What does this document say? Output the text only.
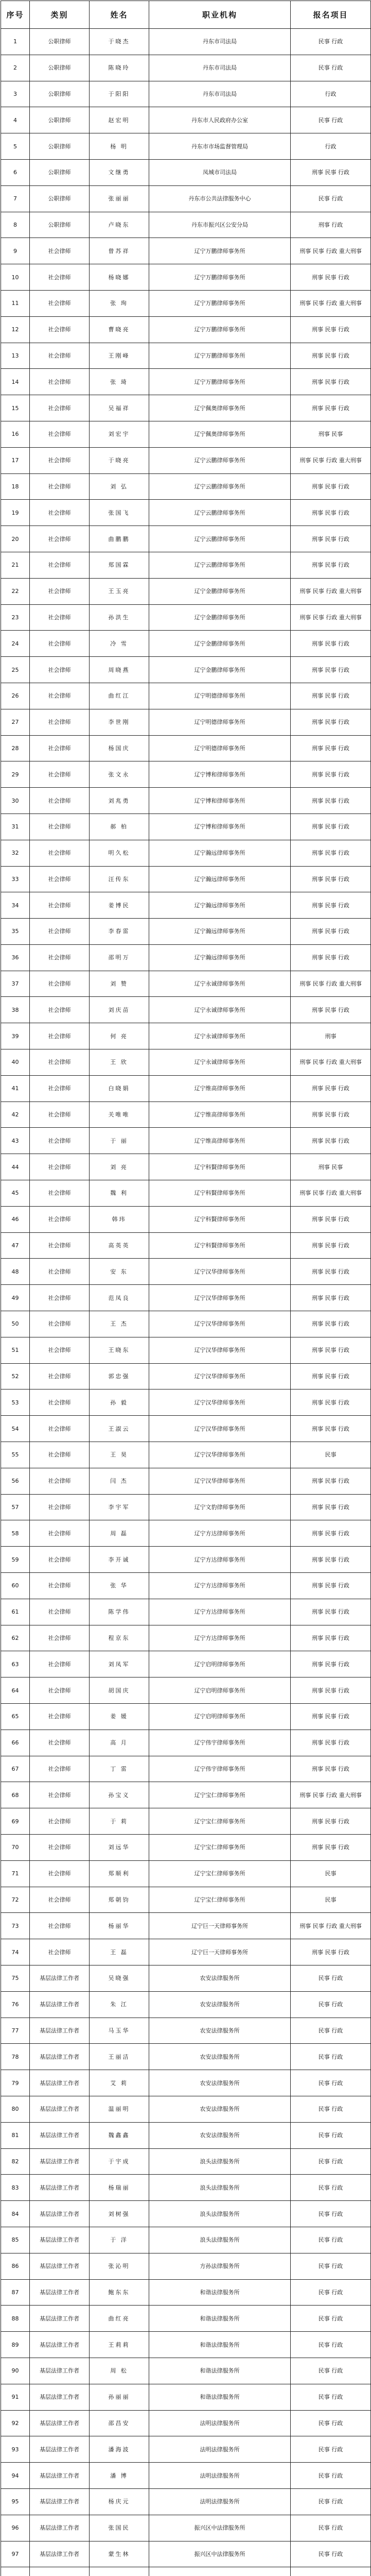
序号	类别	姓名	职业机构	报名项目
1	公职律师	于晓杰	丹东市司法局	民事 行政
2	公职律师	陈晓玲	丹东市司法局	民事 行政
3	公职律师	于阳阳	丹东市司法局	行政
4	公职律师	赵宏明	丹东市人民政府办公室	民事 行政
5	公职律师	杨 明	丹东市市场监督管理局	行政
6	公职律师	文继勇	凤城市司法局	刑事 民事 行政
7	公职律师	张丽丽	丹东市公共法律服务中心	民事 行政
8	公职律师	卢晓东	丹东市振兴区公安分局	刑事 行政
9	社会律师	曾苏祥	辽宁万鹏律师事务所	刑事 民事 行政 重大刑事
10	社会律师	杨晓娜	辽宁万鹏律师事务所	刑事 民事 行政
11	社会律师	张 珣	辽宁万鹏律师事务所	刑事 民事 行政 重大刑事
12	社会律师	曹晓亮	辽宁万鹏律师事务所	刑事 民事 行政
13	社会律师	王刚峰	辽宁万鹏律师事务所	刑事 民事 行政
14	社会律师	张 琦	辽宁万鹏律师事务所	刑事 民事 行政
15	社会律师	吴福祥	辽宁佩奥律师事务所	刑事 民事 行政
16	社会律师	刘宏宇	辽宁佩奥律师事务所	刑事 民事
17	社会律师	于晓亮	辽宁云鹏律师事务所	刑事 民事 行政 重大刑事
18	社会律师	刘 弘	辽宁云鹏律师事务所	刑事 民事 行政
19	社会律师	张国飞	辽宁云鹏律师事务所	刑事 民事 行政
20	社会律师	曲鹏鹏	辽宁云鹏律师事务所	刑事 民事 行政
21	社会律师	郑国霖	辽宁云鹏律师事务所	刑事 民事 行政
22	社会律师	王玉亮	辽宁金鹏律师事务所	刑事 民事 行政 重大刑事
23	社会律师	孙洪生	辽宁金鹏律师事务所	刑事 民事 行政 重大刑事
24	社会律师	冷 雪	辽宁金鹏律师事务所	刑事 民事 行政
25	社会律师	周晓燕	辽宁金鹏律师事务所	刑事 民事 行政
26	社会律师	曲红江	辽宁明德律师事务所	刑事 民事 行政
27	社会律师	李世刚	辽宁明德律师事务所	刑事 民事 行政
28	社会律师	杨国庆	辽宁明德律师事务所	刑事 民事 行政
29	社会律师	张文永	辽宁博和律师事务所	刑事 民事 行政
30	社会律师	刘兆勇	辽宁博和律师事务所	刑事 民事 行政
31	社会律师	郝 柏	辽宁博和律师事务所	刑事 民事 行政
32	社会律师	明久松	辽宁瀚远律师事务所	刑事 民事 行政
33	社会律师	汪传东	辽宁瀚远律师事务所	刑事 民事 行政
34	社会律师	姜博民	辽宁瀚远律师事务所	刑事 民事 行政
35	社会律师	李春雷	辽宁瀚远律师事务所	刑事 民事 行政
36	社会律师	邵明万	辽宁瀚远律师事务所	刑事 民事 行政
37	社会律师	刘 赞	辽宁永诚律师事务所	刑事 民事 行政 重大刑事
38	社会律师	刘庆苗	辽宁永诚律师事务所	刑事 民事 行政
39	社会律师	何 亮	辽宁永诚律师事务所	刑事
40	社会律师	王 欣	辽宁永诚律师事务所	刑事 民事 行政 重大刑事
41	社会律师	白晓娟	辽宁维高律师事务所	刑事 民事 行政
42	社会律师	关唯唯	辽宁维高律师事务所	刑事 民事 行政
43	社会律师	于 丽	辽宁维高律师事务所	刑事 民事 行政
44	社会律师	刘 亮	辽宁科賢律师事务所	刑事 民事
45	社会律师	魏 利	辽宁科賢律师事务所	刑事 民事 行政 重大刑事
46	社会律师	韩玮	辽宁科賢律师事务所	刑事 民事 行政
47	社会律师	高英英	辽宁科賢律师事务所	刑事 民事 行政
48	社会律师	安 东	辽宁汉华律师事务所	刑事 民事 行政
49	社会律师	范凤良	辽宁汉华律师事务所	刑事 民事 行政
50	社会律师	王 杰	辽宁汉华律师事务所	刑事 民事 行政
51	社会律师	王晓东	辽宁汉华律师事务所	刑事 民事 行政
52	社会律师	郭忠强	辽宁汉华律师事务所	刑事 民事 行政
53	社会律师	孙 毅	辽宁汉华律师事务所	刑事 民事 行政
54	社会律师	王淑云	辽宁汉华律师事务所	刑事 民事 行政
55	社会律师	王 昊	辽宁汉华律师事务所	民事
56	社会律师	闫 杰	辽宁汉华律师事务所	刑事 民事 行政
57	社会律师	李宇军	辽宁文豹律师事务所	刑事 民事 行政
58	社会律师	周 磊	辽宁方达律师事务所	刑事 民事 行政
59	社会律师	李开诚	辽宁方达律师事务所	刑事 民事 行政
60	社会律师	张 华	辽宁方达律师事务所	刑事 民事 行政
61	社会律师	陈学伟	辽宁方达律师事务所	刑事 民事 行政
62	社会律师	程京东	辽宁方达律师事务所	刑事 民事 行政
63	社会律师	刘凤军	辽宁启明律师事务所	刑事 民事 行政
64	社会律师	胡国庆	辽宁启明律师事务所	刑事 民事 行政
65	社会律师	姜 媛	辽宁启明律师事务所	刑事 民事 行政
66	社会律师	高 月	辽宁伟宇律师事务所	刑事 民事 行政
67	社会律师	丁 雷	辽宁伟宇律师事务所	刑事 民事 行政
68	社会律师	孙宝义	辽宁宝仁律师事务所	刑事 民事 行政 重大刑事
69	社会律师	于 莉	辽宁宝仁律师事务所	刑事 民事 行政
70	社会律师	刘远华	辽宁宝仁律师事务所	刑事 民事 行政
71	社会律师	郑顺利	辽宁宝仁律师事务所	民事
72	社会律师	郑朝钧	辽宁宝仁律师事务所	民事
73	社会律师	杨丽华	辽宁巨一天律师事务所	刑事 民事 行政 重大刑事
74	社会律师	王 磊	辽宁巨一天律师事务所	刑事 民事 行政
75	基层法律工作者	吴晓强	农安法律服务所	民事 行政
76	基层法律工作者	朱 江	农安法律服务所	民事 行政
77	基层法律工作者	马玉华	农安法律服务所	民事 行政
78	基层法律工作者	王丽洁	农安法律服务所	民事 行政
79	基层法律工作者	艾 莉	农安法律服务所	民事 行政
80	基层法律工作者	温丽明	农安法律服务所	民事 行政
81	基层法律工作者	魏鑫鑫	农安法律服务所	民事 行政
82	基层法律工作者	于宇成	浪头法律服务所	民事 行政
83	基层法律工作者	杨瑞丽	浪头法律服务所	民事 行政
84	基层法律工作者	刘树强	浪头法律服务所	民事 行政
85	基层法律工作者	于 洋	浪头法律服务所	民事 行政
86	基层法律工作者	张沁明	方孙法律服务所	民事 行政
87	基层法律工作者	鲍东东	和谐法律服务所	民事 行政
88	基层法律工作者	曲红亮	和谐法律服务所	民事 行政
89	基层法律工作者	王莉莉	和谐法律服务所	民事 行政
90	基层法律工作者	周 松	和谐法律服务所	民事 行政
91	基层法律工作者	孙丽丽	和谐法律服务所	民事 行政
92	基层法律工作者	邵昌安	法明法律服务所	民事 行政
93	基层法律工作者	潘海波	法明法律服务所	民事 行政
94	基层法律工作者	潘 博	法明法律服务所	民事 行政
95	基层法律工作者	杨庆元	法明法律服务所	民事 行政
96	基层法律工作者	张国民	振兴区中法律服务所	民事 行政
97	基层法律工作者	蒙生林	振兴区中法律服务所	民事 行政
